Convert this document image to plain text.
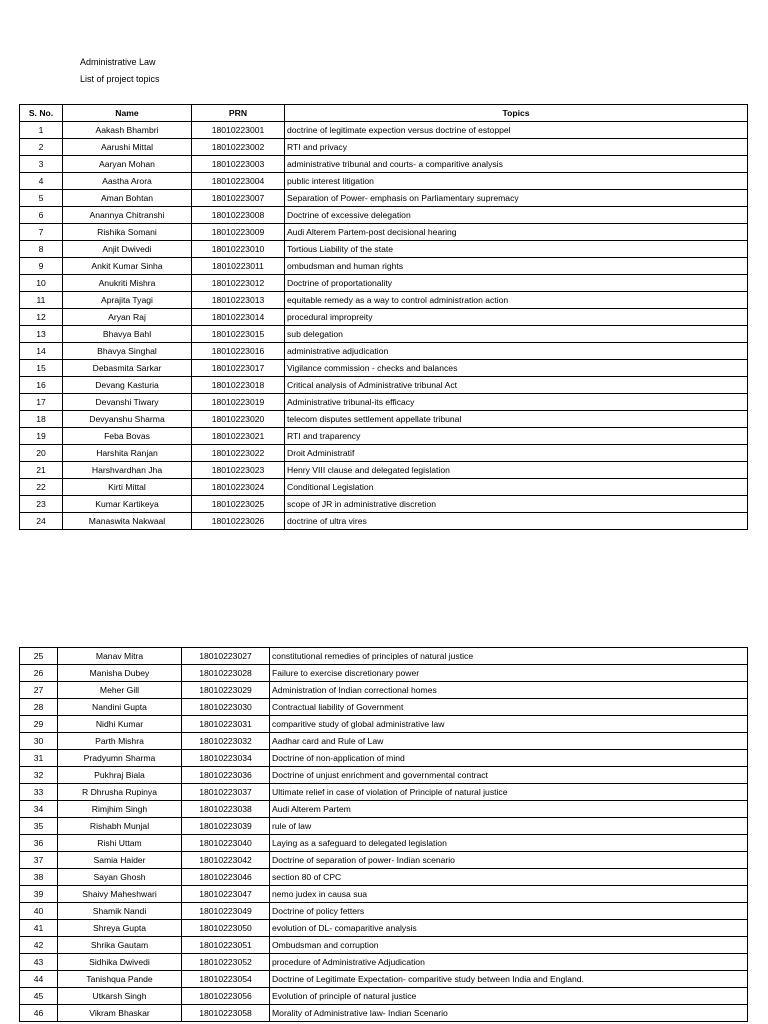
Administrative Law
List of project topics
S. No.	Name	PRN	Topics
1	Aakash Bhambri	18010223001	doctrine of legitimate expection versus doctrine of estoppel
2	Aarushi Mittal	18010223002	RTI and privacy
3	Aaryan Mohan	18010223003	administrative tribunal and courts- a comparitive analysis
4	Aastha Arora	18010223004	public interest litigation
5	Aman Bohtan	18010223007	Separation of Power- emphasis on Parliamentary supremacy
6	Anannya Chitranshi	18010223008	Doctrine of excessive delegation
7	Rishika Somani	18010223009	Audi Alterem Partem-post decisional hearing
8	Anjit Dwivedi	18010223010	Tortious Liability of the state
9	Ankit Kumar Sinha	18010223011	ombudsman and human rights
10	Anukriti Mishra	18010223012	Doctrine of proportationality
11	Aprajita Tyagi	18010223013	equitable remedy as a way to control administration action
12	Aryan Raj	18010223014	procedural impropreity
13	Bhavya Bahl	18010223015	sub delegation
14	Bhavya Singhal	18010223016	administrative adjudication
15	Debasmita Sarkar	18010223017	Vigilance commission - checks and balances
16	Devang Kasturia	18010223018	Critical analysis of Administrative tribunal Act
17	Devanshi Tiwary	18010223019	Administrative tribunal-its efficacy
18	Devyanshu Sharma	18010223020	telecom disputes settlement appellate tribunal
19	Feba Bovas	18010223021	RTI and traparency
20	Harshita Ranjan	18010223022	Droit Administratif
21	Harshvardhan Jha	18010223023	Henry VIII clause and delegated legislation
22	Kirti Mittal	18010223024	Conditional Legislation
23	Kumar Kartikeya	18010223025	scope of JR in administrative discretion
24	Manaswita Nakwaal	18010223026	doctrine of ultra vires
25	Manav Mitra	18010223027	constitutional remedies of principles of natural justice
26	Manisha Dubey	18010223028	Failure to exercise discretionary power
27	Meher Gill	18010223029	Administration of Indian correctional homes
28	Nandini Gupta	18010223030	Contractual liability of Government
29	Nidhi Kumar	18010223031	comparitive study of global administrative law
30	Parth Mishra	18010223032	Aadhar card and Rule of Law
31	Pradyumn Sharma	18010223034	Doctrine of non-application of mind
32	Pukhraj Biala	18010223036	Doctrine of unjust enrichment and governmental contract
33	R Dhrusha Rupinya	18010223037	Ultimate relief in case of violation of Principle of natural justice
34	Rimjhim Singh	18010223038	Audi Alterem Partem
35	Rishabh Munjal	18010223039	rule of law
36	Rishi Uttam	18010223040	Laying as a safeguard to delegated legislation
37	Samia Haider	18010223042	Doctrine of separation of power- Indian scenario
38	Sayan Ghosh	18010223046	section 80 of CPC
39	Shaivy Maheshwari	18010223047	nemo judex in causa sua
40	Shamik Nandi	18010223049	Doctrine of policy fetters
41	Shreya Gupta	18010223050	evolution of DL- comaparitive analysis
42	Shrika Gautam	18010223051	Ombudsman and corruption
43	Sidhika Dwivedi	18010223052	procedure of Administrative Adjudication
44	Tanishqua Pande	18010223054	Doctrine of Legitimate Expectation- comparitive study between India and England.
45	Utkarsh Singh	18010223056	Evolution of principle of natural justice
46	Vikram Bhaskar	18010223058	Morality of Administrative law- Indian Scenario
